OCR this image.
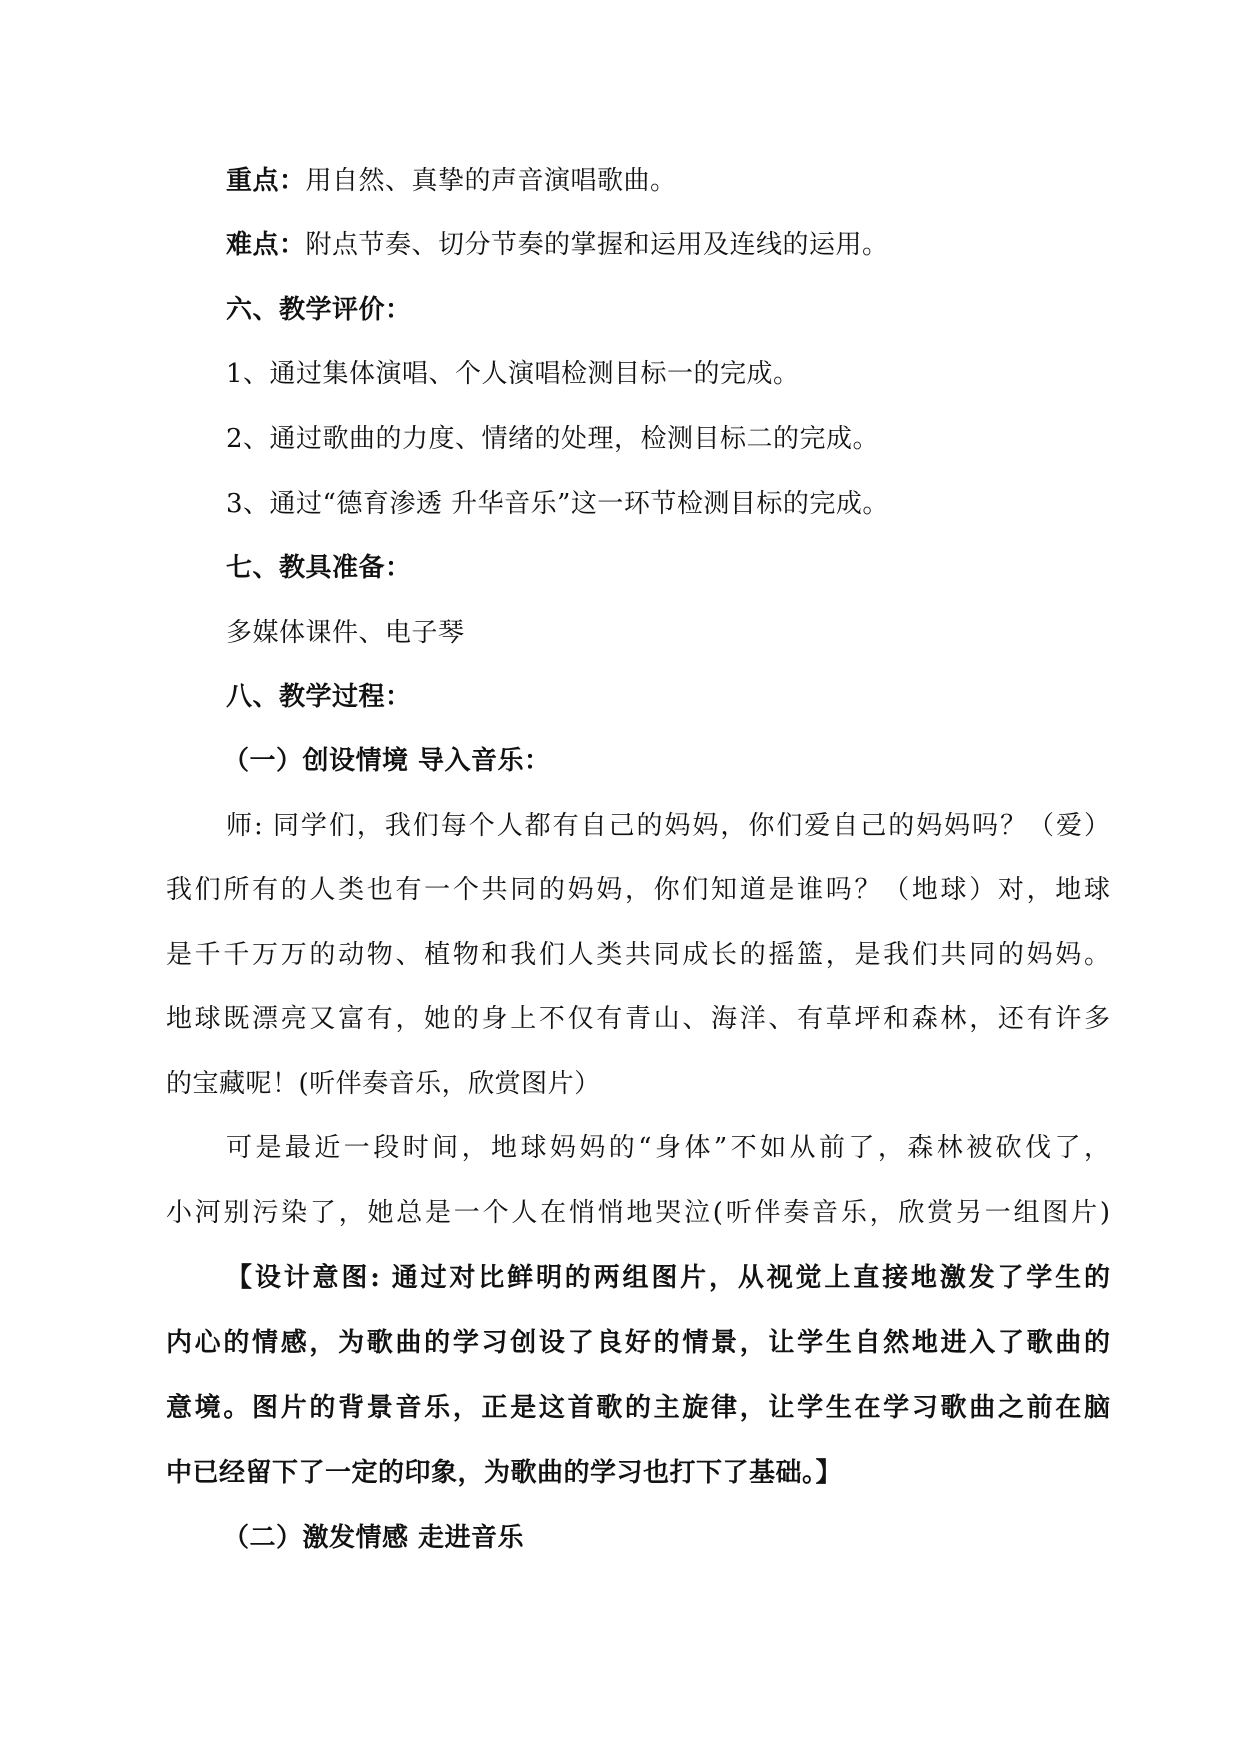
重点：用自然、真挚的声音演唱歌曲。
难点：附点节奏、切分节奏的掌握和运用及连线的运用。
六、教学评价：
1、通过集体演唱、个人演唱检测目标一的完成。
2、通过歌曲的力度、情绪的处理，检测目标二的完成。
3、通过“德育渗透 升华音乐”这一环节检测目标的完成。
七、教具准备：
多媒体课件、电子琴
八、教学过程：
（一）创设情境 导入音乐：
师: 同学们，我们每个人都有自己的妈妈，你们爱自己的妈妈吗？（爱）
我们所有的人类也有一个共同的妈妈，你们知道是谁吗？（地球）对，地球
是千千万万的动物、植物和我们人类共同成长的摇篮，是我们共同的妈妈。
地球既漂亮又富有，她的身上不仅有青山、海洋、有草坪和森林，还有许多
的宝藏呢！(听伴奏音乐，欣赏图片）
可是最近一段时间，地球妈妈的“身体”不如从前了，森林被砍伐了，
小河别污染了，她总是一个人在悄悄地哭泣(听伴奏音乐，欣赏另一组图片)
【设计意图: 通过对比鲜明的两组图片，从视觉上直接地激发了学生的
内心的情感，为歌曲的学习创设了良好的情景，让学生自然地进入了歌曲的
意境。图片的背景音乐，正是这首歌的主旋律，让学生在学习歌曲之前在脑
中已经留下了一定的印象，为歌曲的学习也打下了基础。】
（二）激发情感 走进音乐
